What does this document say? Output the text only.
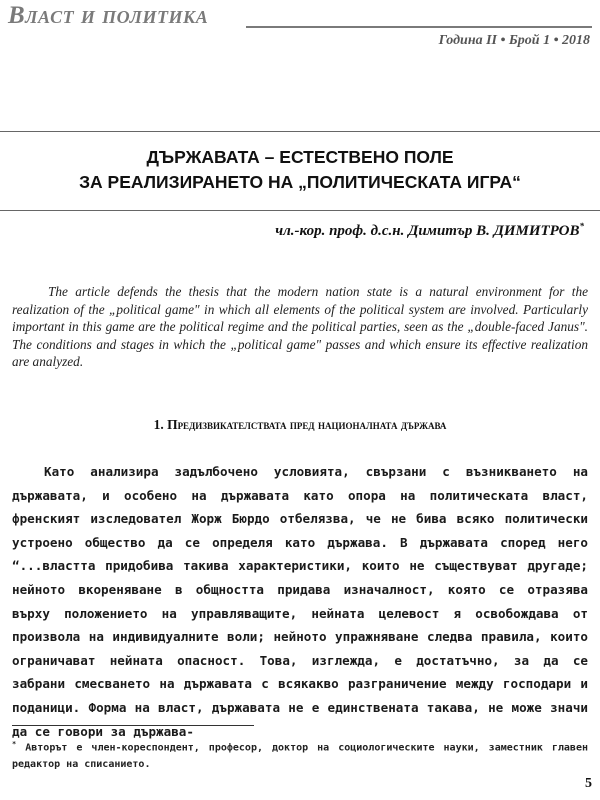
Власт и политика
Година II • Брой 1 • 2018
ДЪРЖАВАТА – ЕСТЕСТВЕНО ПОЛЕ
ЗА РЕАЛИЗИРАНЕТО НА „ПОЛИТИЧЕСКАТА ИГРА“
чл.-кор. проф. д.с.н. Димитър В. ДИМИТРОВ*

The article defends the thesis that the modern nation state is a natural environment for the realization of the „political game" in which all elements of the political system are involved. Particularly important in this game are the political regime and the political parties, seen as the „double-faced Janus". The conditions and stages in which the „political game" passes and which ensure its effective realization are analyzed.

1. Предизвикателствата пред националната държава

Като анализира задълбочено условията, свързани с възникването на държавата, и особено на държавата като опора на политическата власт, френският изследовател Жорж Бюрдо отбелязва, че не бива всяко политически устроено общество да се определя като държава. В държавата според него “...властта придобива такива характеристики, които не съществуват другаде; нейното вкореняване в общността придава изначалност, която се отразява върху положението на управляващите, нейната целевост я освобождава от произвола на индивидуалните воли; нейното упражняване следва правила, които ограничават нейната опасност. Това, изглежда, е достатъчно, за да се забрани смесването на държавата с всякакво разграничение между господари и поданици. Форма на власт, държавата не е единствената такава, не може значи да се говори за държава-

* Авторът е член-кореспондент, професор, доктор на социологическите науки, заместник главен редактор на списанието.

5
